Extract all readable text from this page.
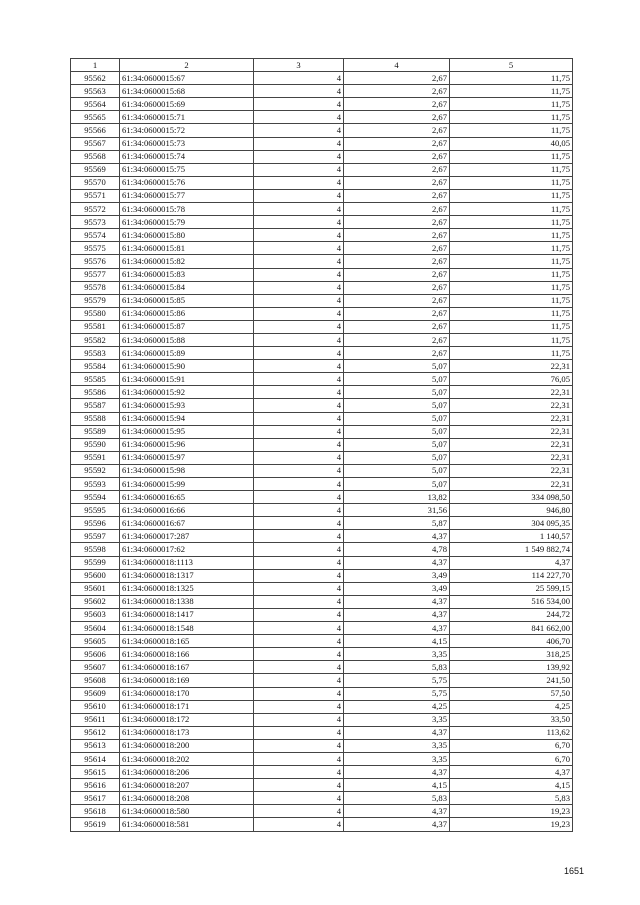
1	2	3	4	5
95562	61:34:0600015:67	4	2,67	11,75
95563	61:34:0600015:68	4	2,67	11,75
95564	61:34:0600015:69	4	2,67	11,75
95565	61:34:0600015:71	4	2,67	11,75
95566	61:34:0600015:72	4	2,67	11,75
95567	61:34:0600015:73	4	2,67	40,05
95568	61:34:0600015:74	4	2,67	11,75
95569	61:34:0600015:75	4	2,67	11,75
95570	61:34:0600015:76	4	2,67	11,75
95571	61:34:0600015:77	4	2,67	11,75
95572	61:34:0600015:78	4	2,67	11,75
95573	61:34:0600015:79	4	2,67	11,75
95574	61:34:0600015:80	4	2,67	11,75
95575	61:34:0600015:81	4	2,67	11,75
95576	61:34:0600015:82	4	2,67	11,75
95577	61:34:0600015:83	4	2,67	11,75
95578	61:34:0600015:84	4	2,67	11,75
95579	61:34:0600015:85	4	2,67	11,75
95580	61:34:0600015:86	4	2,67	11,75
95581	61:34:0600015:87	4	2,67	11,75
95582	61:34:0600015:88	4	2,67	11,75
95583	61:34:0600015:89	4	2,67	11,75
95584	61:34:0600015:90	4	5,07	22,31
95585	61:34:0600015:91	4	5,07	76,05
95586	61:34:0600015:92	4	5,07	22,31
95587	61:34:0600015:93	4	5,07	22,31
95588	61:34:0600015:94	4	5,07	22,31
95589	61:34:0600015:95	4	5,07	22,31
95590	61:34:0600015:96	4	5,07	22,31
95591	61:34:0600015:97	4	5,07	22,31
95592	61:34:0600015:98	4	5,07	22,31
95593	61:34:0600015:99	4	5,07	22,31
95594	61:34:0600016:65	4	13,82	334 098,50
95595	61:34:0600016:66	4	31,56	946,80
95596	61:34:0600016:67	4	5,87	304 095,35
95597	61:34:0600017:287	4	4,37	1 140,57
95598	61:34:0600017:62	4	4,78	1 549 882,74
95599	61:34:0600018:1113	4	4,37	4,37
95600	61:34:0600018:1317	4	3,49	114 227,70
95601	61:34:0600018:1325	4	3,49	25 599,15
95602	61:34:0600018:1338	4	4,37	516 534,00
95603	61:34:0600018:1417	4	4,37	244,72
95604	61:34:0600018:1548	4	4,37	841 662,00
95605	61:34:0600018:165	4	4,15	406,70
95606	61:34:0600018:166	4	3,35	318,25
95607	61:34:0600018:167	4	5,83	139,92
95608	61:34:0600018:169	4	5,75	241,50
95609	61:34:0600018:170	4	5,75	57,50
95610	61:34:0600018:171	4	4,25	4,25
95611	61:34:0600018:172	4	3,35	33,50
95612	61:34:0600018:173	4	4,37	113,62
95613	61:34:0600018:200	4	3,35	6,70
95614	61:34:0600018:202	4	3,35	6,70
95615	61:34:0600018:206	4	4,37	4,37
95616	61:34:0600018:207	4	4,15	4,15
95617	61:34:0600018:208	4	5,83	5,83
95618	61:34:0600018:580	4	4,37	19,23
95619	61:34:0600018:581	4	4,37	19,23
1651
